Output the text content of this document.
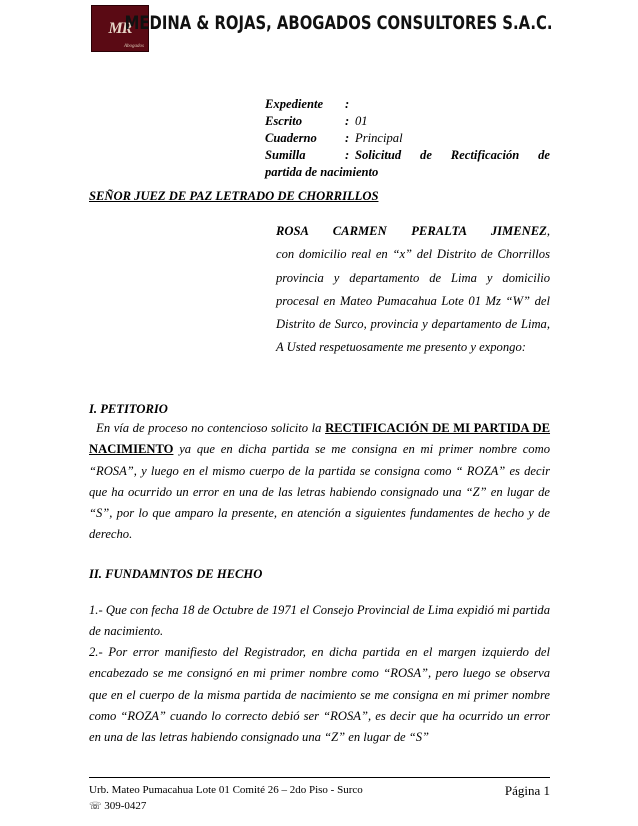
MR
Abogados
MEDINA & ROJAS, ABOGADOS CONSULTORES S.A.C.
Expediente	:
Escrito	: 01
Cuaderno	: Principal
Sumilla	: Solicitud de Rectificación de
partida de nacimiento
SEÑOR JUEZ DE PAZ LETRADO DE CHORRILLOS
ROSA CARMEN PERALTA JIMENEZ, con domicilio real en “x” del Distrito de Chorrillos provincia y departamento de Lima y domicilio procesal en Mateo Pumacahua Lote 01 Mz “W” del Distrito de Surco, provincia y departamento de Lima, A Usted respetuosamente me presento y expongo:
I. PETITORIO
En vía de proceso no contencioso solicito la RECTIFICACIÓN DE MI PARTIDA DE NACIMIENTO ya que en dicha partida se me consigna en mi primer nombre como “ROSA”, y luego en el mismo cuerpo de la partida se consigna como “ ROZA” es decir que ha ocurrido un error en una de las letras habiendo consignado una “Z” en lugar de “S”, por lo que amparo la presente, en atención a siguientes fundamentes de hecho y de derecho.
II. FUNDAMNTOS DE HECHO
1.- Que con fecha 18 de Octubre de 1971 el Consejo Provincial de Lima expidió mi partida de nacimiento.
2.- Por error manifiesto del Registrador, en dicha partida en el margen izquierdo del encabezado se me consignó en mi primer nombre como “ROSA”, pero luego se observa que en el cuerpo de la misma partida de nacimiento se me consigna en mi primer nombre como “ROZA” cuando lo correcto debió ser “ROSA”, es decir que ha ocurrido un error en una de las letras habiendo consignado una “Z” en lugar de “S”
Urb. Mateo Pumacahua Lote 01 Comité 26 – 2do Piso - Surco
☏ 309-0427
Página 1
